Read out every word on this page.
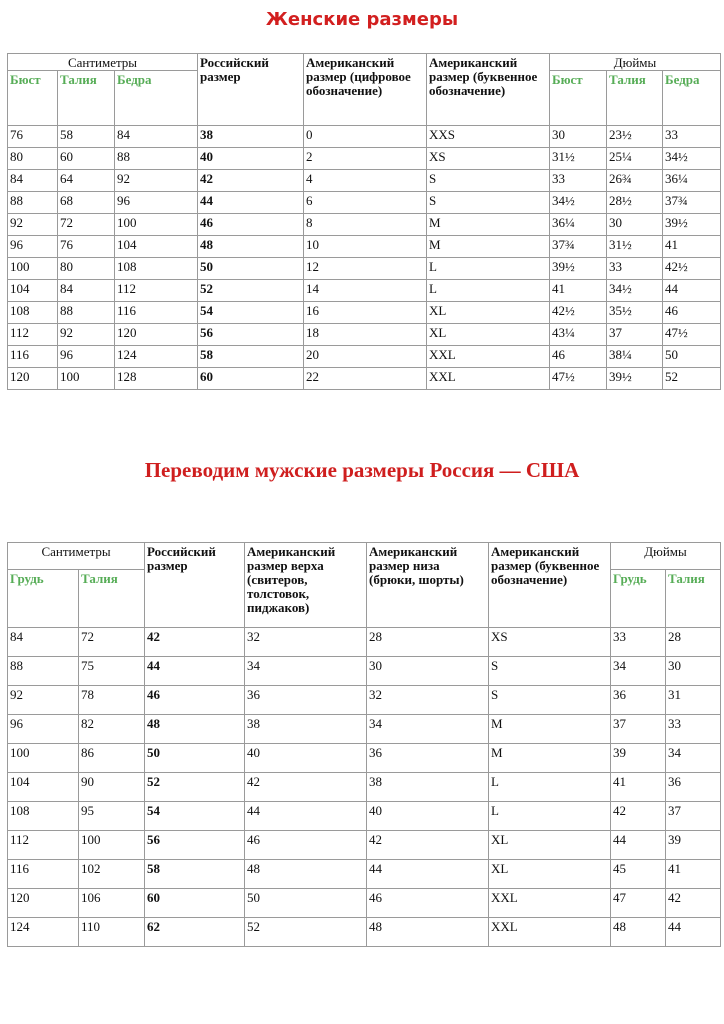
Женские размеры
Сантиметры			Российский размер	Американский размер (цифровое обозначение)	Американский размер (буквенное обозначение)	Дюймы		
Бюст	Талия	Бедра				Бюст	Талия	Бедра
76	58	84	38	0	XXS	30	23½	33
80	60	88	40	2	XS	31½	25¼	34½
84	64	92	42	4	S	33	26¾	36¼
88	68	96	44	6	S	34½	28½	37¾
92	72	100	46	8	M	36¼	30	39½
96	76	104	48	10	M	37¾	31½	41
100	80	108	50	12	L	39½	33	42½
104	84	112	52	14	L	41	34½	44
108	88	116	54	16	XL	42½	35½	46
112	92	120	56	18	XL	43¼	37	47½
116	96	124	58	20	XXL	46	38¼	50
120	100	128	60	22	XXL	47½	39½	52
Переводим мужские размеры Россия — США
Сантиметры		Российский размер	Американский размер верха (свитеров, толстовок, пиджаков)	Американский размер низа (брюки, шорты)	Американский размер (буквенное обозначение)	Дюймы	
Грудь	Талия					Грудь	Талия
84	72	42	32	28	XS	33	28
88	75	44	34	30	S	34	30
92	78	46	36	32	S	36	31
96	82	48	38	34	M	37	33
100	86	50	40	36	M	39	34
104	90	52	42	38	L	41	36
108	95	54	44	40	L	42	37
112	100	56	46	42	XL	44	39
116	102	58	48	44	XL	45	41
120	106	60	50	46	XXL	47	42
124	110	62	52	48	XXL	48	44
